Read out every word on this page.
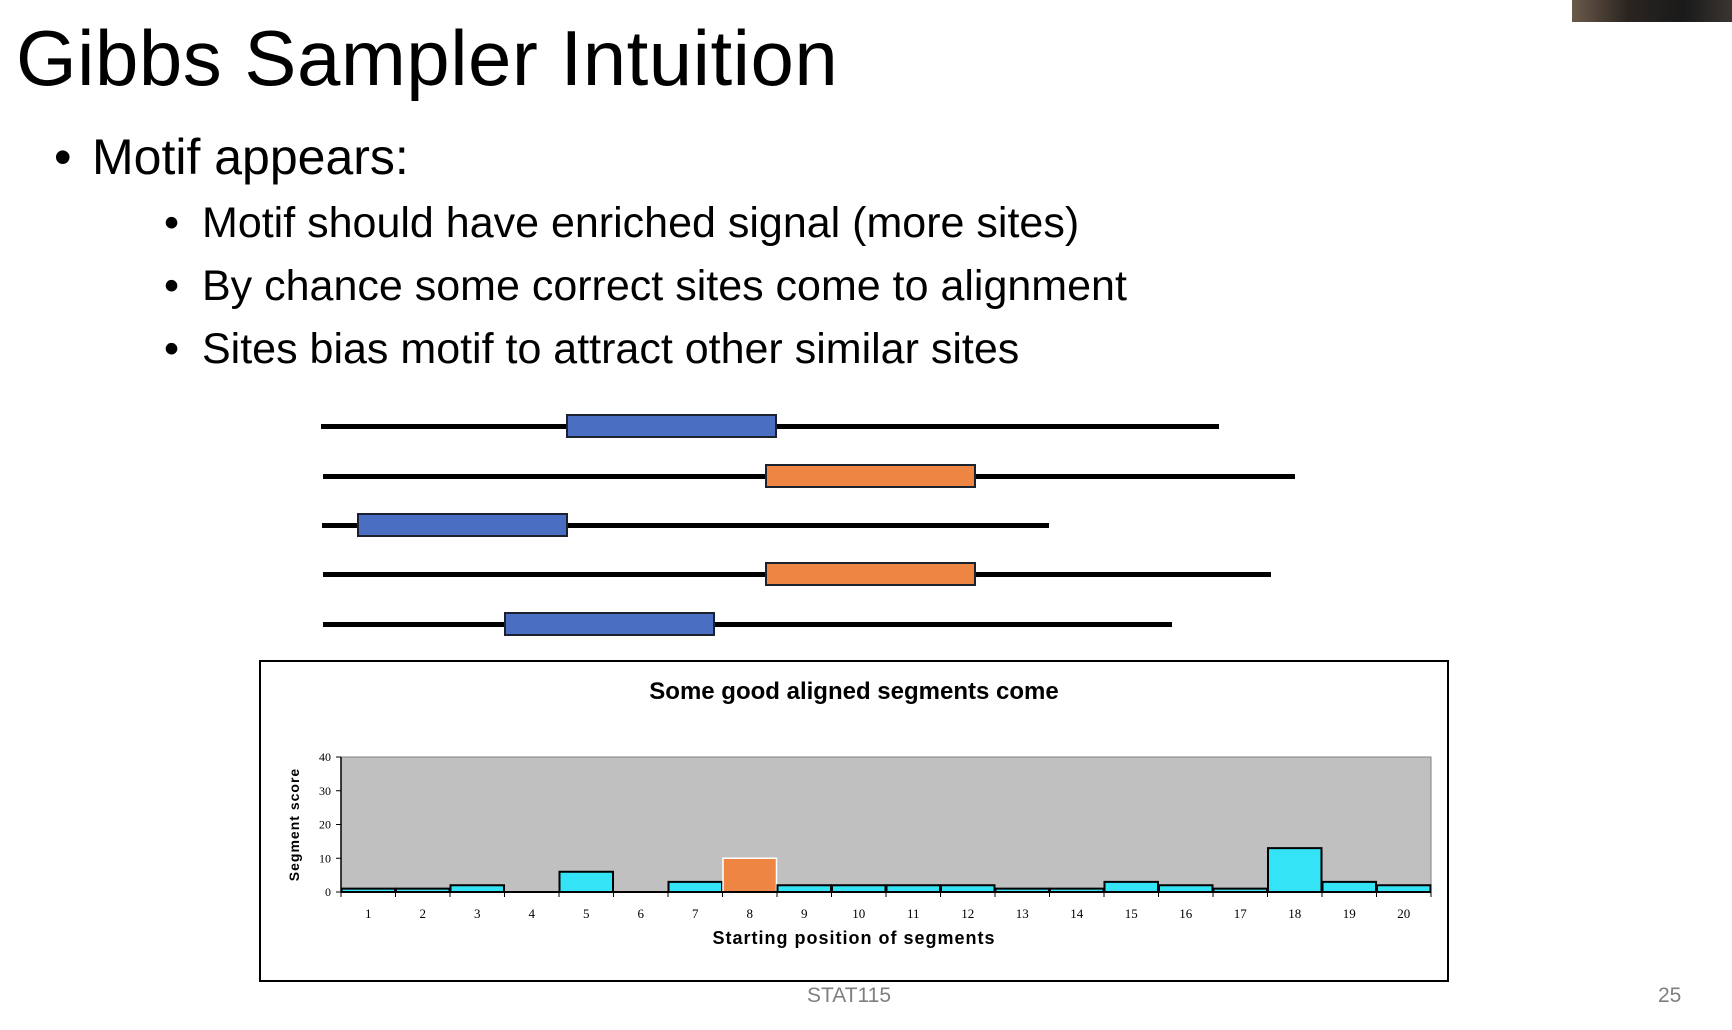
Gibbs Sampler Intuition
• Motif appears:
• Motif should have enriched signal (more sites)
• By chance some correct sites come to alignment
• Sites bias motif to attract other similar sites
Some good aligned segments come
1	2	3	4	5	6	7	8	9	10	11	12	13	14	15	16	17	18	19	20
0
10
20
30
40
Starting position of segments
Segment score
STAT115	25
